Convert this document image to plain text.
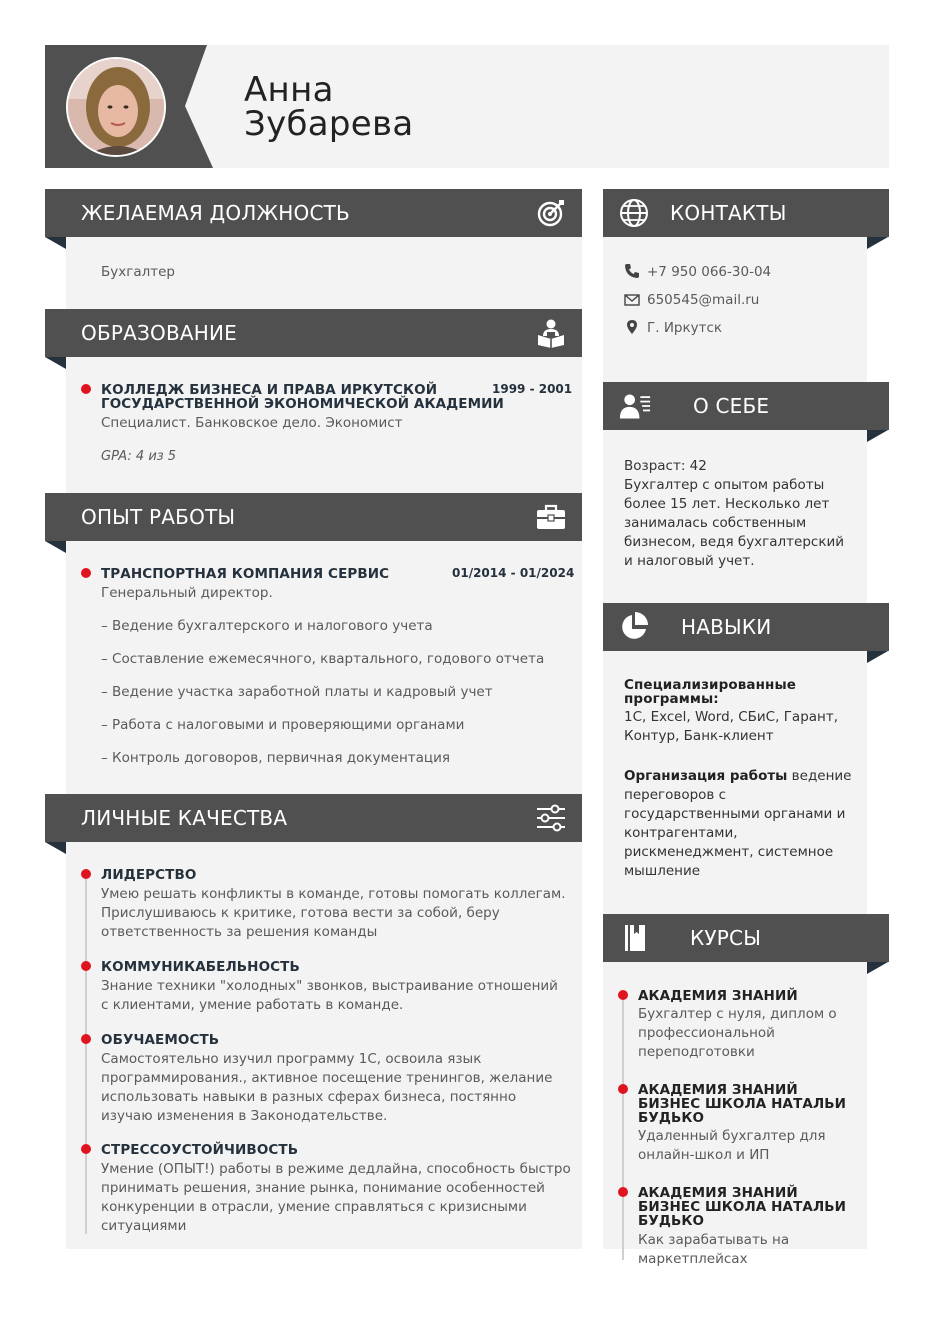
Анна
Зубарева
ЖЕЛАЕМАЯ ДОЛЖНОСТЬ
Бухгалтер
ОБРАЗОВАНИЕ
КОЛЛЕДЖ БИЗНЕСА И ПРАВА ИРКУТСКОЙ
ГОСУДАРСТВЕННОЙ ЭКОНОМИЧЕСКОЙ АКАДЕМИИ
1999 - 2001
Специалист. Банковское дело. Экономист
GPA: 4 из 5
ОПЫТ РАБОТЫ
ТРАНСПОРТНАЯ КОМПАНИЯ СЕРВИС	01/2014 - 01/2024
Генеральный директор.
– Ведение бухгалтерского и налогового учета
– Составление ежемесячного, квартального, годового отчета
– Ведение участка заработной платы и кадровый учет
– Работа с налоговыми и проверяющими органами
– Контроль договоров, первичная документация
ЛИЧНЫЕ КАЧЕСТВА
ЛИДЕРСТВО
Умею решать конфликты в команде, готовы помогать коллегам.
Прислушиваюсь к критике, готова вести за собой, беру
ответственность за решения команды
КОММУНИКАБЕЛЬНОСТЬ
Знание техники "холодных" звонков, выстраивание отношений
с клиентами, умение работать в команде.
ОБУЧАЕМОСТЬ
Самостоятельно изучил программу 1С, освоила язык
программирования., активное посещение тренингов, желание
использовать навыки в разных сферах бизнеса, постянно
изучаю изменения в Законодательстве.
СТРЕССОУСТОЙЧИВОСТЬ
Умение (ОПЫТ!) работы в режиме дедлайна, способность быстро
принимать решения, знание рынка, понимание особенностей
конкуренции в отрасли, умение справляться с кризисными
ситуациями
КОНТАКТЫ
+7 950 066-30-04
650545@mail.ru
Г. Иркутск
О СЕБЕ
Возраст: 42
Бухгалтер с опытом работы
более 15 лет. Несколько лет
занималась собственным
бизнесом, ведя бухгалтерский
и налоговый учет.
НАВЫКИ
Специализированные
программы:
1С, Excel, Word, СБиС, Гарант,
Контур, Банк-клиент
Организация работы ведение
переговоров с
государственными органами и
контрагентами,
рискменеджмент, системное
мышление
КУРСЫ
АКАДЕМИЯ ЗНАНИЙ
Бухгалтер с нуля, диплом о
профессиональной
переподготовки
АКАДЕМИЯ ЗНАНИЙ
БИЗНЕС ШКОЛА НАТАЛЬИ
БУДЬКО
Удаленный бухгалтер для
онлайн-школ и ИП
АКАДЕМИЯ ЗНАНИЙ
БИЗНЕС ШКОЛА НАТАЛЬИ
БУДЬКО
Как зарабатывать на
маркетплейсах
